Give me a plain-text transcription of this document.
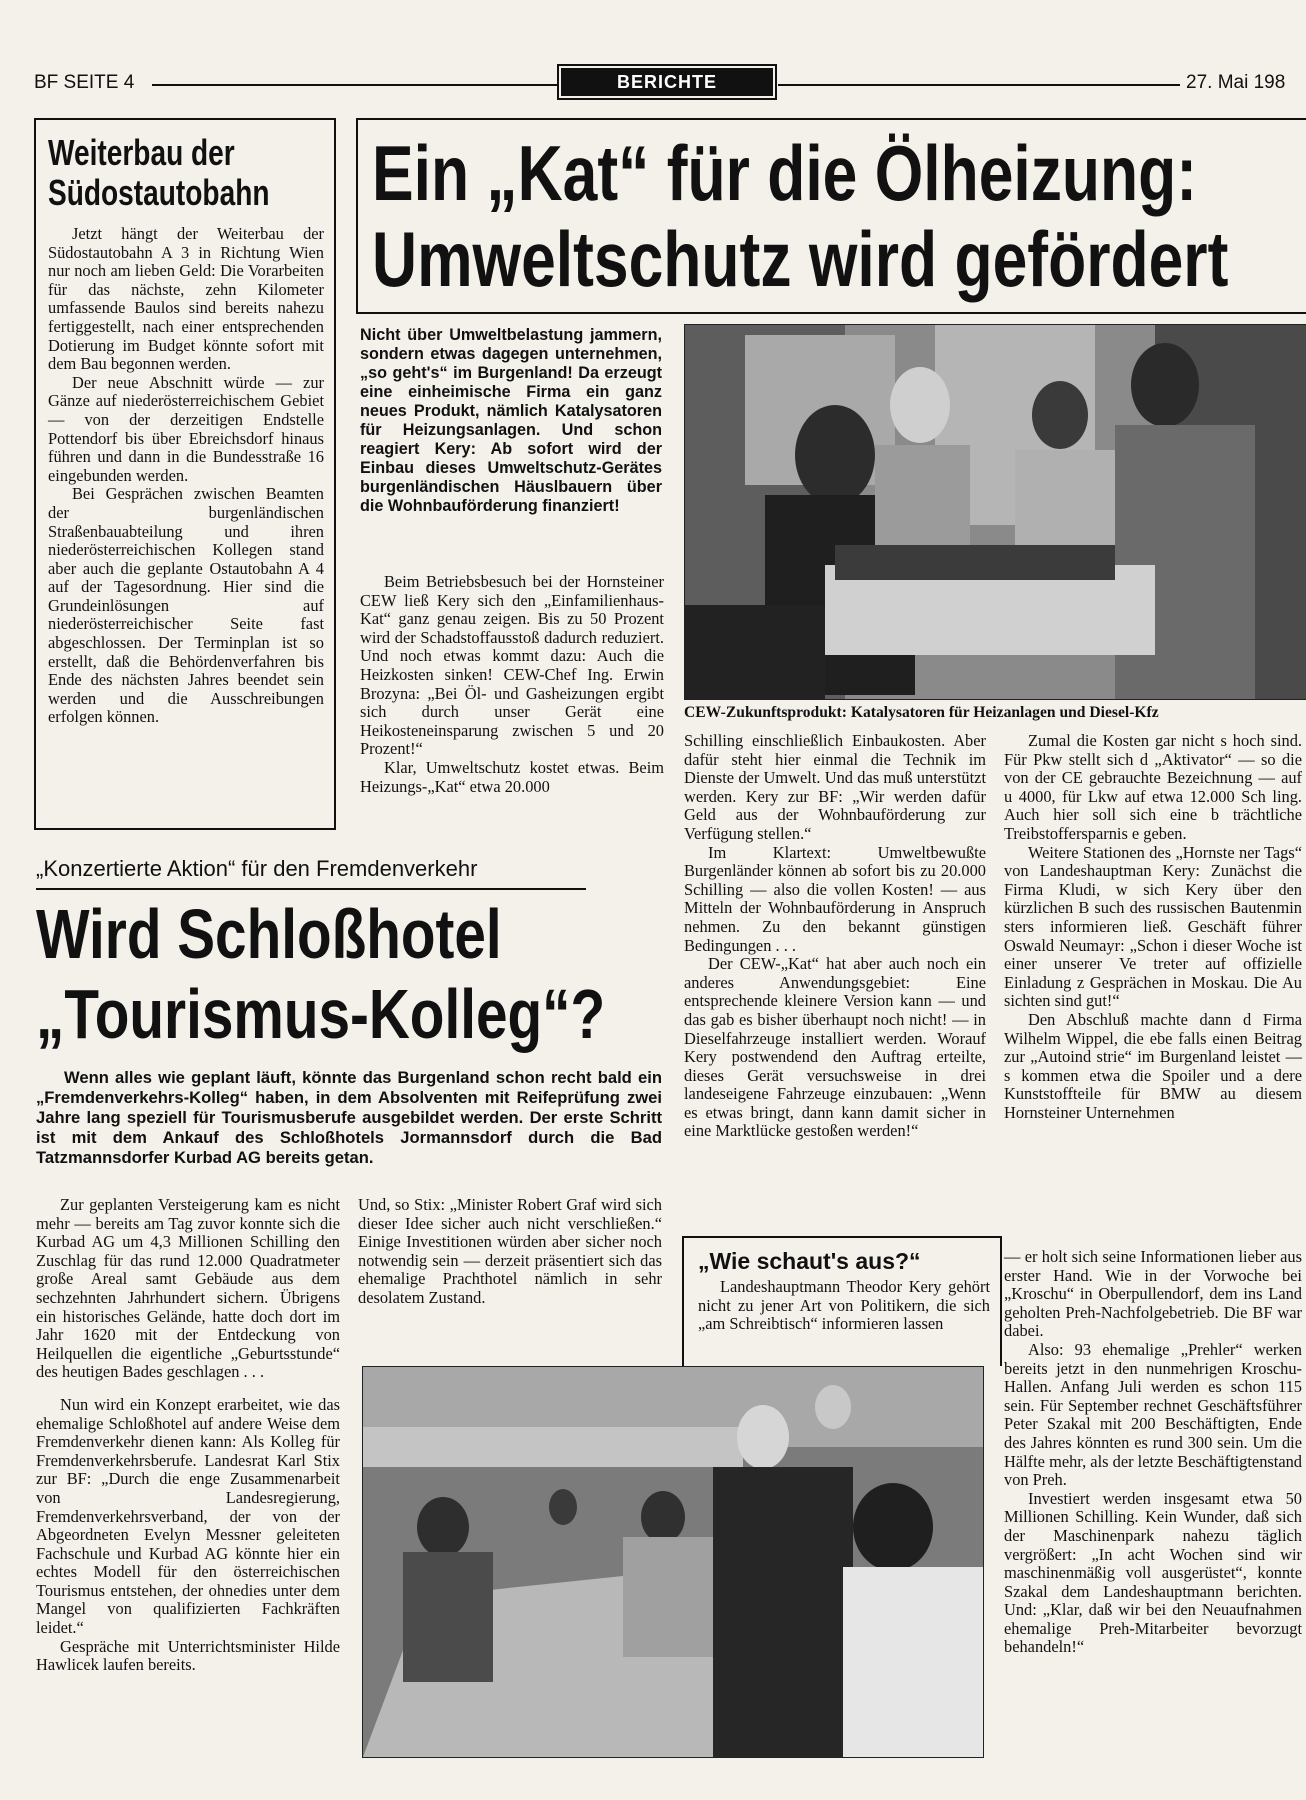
BF SEITE 4	BERICHTE	27. Mai 198
Weiterbau der
Südostautobahn

Jetzt hängt der Weiterbau der Südostautobahn A 3 in Richtung Wien nur noch am lieben Geld: Die Vorarbeiten für das nächste, zehn Kilometer umfassende Baulos sind bereits nahezu fertiggestellt, nach einer entsprechenden Dotierung im Budget könnte sofort mit dem Bau begonnen werden.

Der neue Abschnitt würde — zur Gänze auf niederösterreichischem Gebiet — von der derzeitigen Endstelle Pottendorf bis über Ebreichsdorf hinaus führen und dann in die Bundesstraße 16 eingebunden werden.

Bei Gesprächen zwischen Beamten der burgenländischen Straßenbauabteilung und ihren niederösterreichischen Kollegen stand aber auch die geplante Ostautobahn A 4 auf der Tagesordnung. Hier sind die Grundeinlösungen auf niederösterreichischer Seite fast abgeschlossen. Der Terminplan ist so erstellt, daß die Behördenverfahren bis Ende des nächsten Jahres beendet sein werden und die Ausschreibungen erfolgen können.

Ein „Kat“ für die Ölheizung:
Umweltschutz wird gefördert
Nicht über Umweltbelastung jammern, sondern etwas dagegen unternehmen, „so geht's“ im Burgenland! Da erzeugt eine einheimische Firma ein ganz neues Produkt, nämlich Katalysatoren für Heizungsanlagen. Und schon reagiert Kery: Ab sofort wird der Einbau dieses Umweltschutz-Gerätes burgenländischen Häuslbauern über die Wohnbauförderung finanziert!

Beim Betriebsbesuch bei der Hornsteiner CEW ließ Kery sich den „Einfamilienhaus-Kat“ ganz genau zeigen. Bis zu 50 Prozent wird der Schadstoffausstoß dadurch reduziert. Und noch etwas kommt dazu: Auch die Heizkosten sinken! CEW-Chef Ing. Erwin Brozyna: „Bei Öl- und Gasheizungen ergibt sich durch unser Gerät eine Heikosteneinsparung zwischen 5 und 20 Prozent!“

Klar, Umweltschutz kostet etwas. Beim Heizungs-„Kat“ etwa 20.000

CEW-Zukunftsprodukt: Katalysatoren für Heizanlagen und Diesel-Kfz

Schilling einschließlich Einbaukosten. Aber dafür steht hier einmal die Technik im Dienste der Umwelt. Und das muß unterstützt werden. Kery zur BF: „Wir werden dafür Geld aus der Wohnbauförderung zur Verfügung stellen.“

Im Klartext: Umweltbewußte Burgenländer können ab sofort bis zu 20.000 Schilling — also die vollen Kosten! — aus Mitteln der Wohnbauförderung in Anspruch nehmen. Zu den bekannt günstigen Bedingungen . . .

Der CEW-„Kat“ hat aber auch noch ein anderes Anwendungsgebiet: Eine entsprechende kleinere Version kann — und das gab es bisher überhaupt noch nicht! — in Dieselfahrzeuge installiert werden. Worauf Kery postwendend den Auftrag erteilte, dieses Gerät versuchsweise in drei landeseigene Fahrzeuge einzubauen: „Wenn es etwas bringt, dann kann damit sicher in eine Marktlücke gestoßen werden!“

Zumal die Kosten gar nicht s hoch sind. Für Pkw stellt sich d „Aktivator“ — so die von der CE gebrauchte Bezeichnung — auf u 4000, für Lkw auf etwa 12.000 Sch ling. Auch hier soll sich eine b trächtliche Treibstoffersparnis e geben.

Weitere Stationen des „Hornste ner Tags“ von Landeshauptman Kery: Zunächst die Firma Kludi, w sich Kery über den kürzlichen B such des russischen Bautenmin sters informieren ließ. Geschäft führer Oswald Neumayr: „Schon i dieser Woche ist einer unserer Ve treter auf offizielle Einladung z Gesprächen in Moskau. Die Au sichten sind gut!“

Den Abschluß machte dann d Firma Wilhelm Wippel, die ebe falls einen Beitrag zur „Autoind strie“ im Burgenland leistet — s kommen etwa die Spoiler und a dere Kunststoffteile für BMW au diesem Hornsteiner Unternehmen

„Konzertierte Aktion“ für den Fremdenverkehr
Wird Schloßhotel
„Tourismus-Kolleg“?
Wenn alles wie geplant läuft, könnte das Burgenland schon recht bald ein „Fremdenverkehrs-Kolleg“ haben, in dem Absolventen mit Reifeprüfung zwei Jahre lang speziell für Tourismusberufe ausgebildet werden. Der erste Schritt ist mit dem Ankauf des Schloßhotels Jormannsdorf durch die Bad Tatzmannsdorfer Kurbad AG bereits getan.

Zur geplanten Versteigerung kam es nicht mehr — bereits am Tag zuvor konnte sich die Kurbad AG um 4,3 Millionen Schilling den Zuschlag für das rund 12.000 Quadratmeter große Areal samt Gebäude aus dem sechzehnten Jahrhundert sichern. Übrigens ein historisches Gelände, hatte doch dort im Jahr 1620 mit der Entdeckung von Heilquellen die eigentliche „Geburtsstunde“ des heutigen Bades geschlagen . . .

Nun wird ein Konzept erarbeitet, wie das ehemalige Schloßhotel auf andere Weise dem Fremdenverkehr dienen kann: Als Kolleg für Fremdenverkehrsberufe. Landesrat Karl Stix zur BF: „Durch die enge Zusammenarbeit von Landesregierung, Fremdenverkehrsverband, der von der Abgeordneten Evelyn Messner geleiteten Fachschule und Kurbad AG könnte hier ein echtes Modell für den österreichischen Tourismus entstehen, der ohnedies unter dem Mangel von qualifizierten Fachkräften leidet.“

Gespräche mit Unterrichtsminister Hilde Hawlicek laufen bereits.

Und, so Stix: „Minister Robert Graf wird sich dieser Idee sicher auch nicht verschließen.“ Einige Investitionen würden aber sicher noch notwendig sein — derzeit präsentiert sich das ehemalige Prachthotel nämlich in sehr desolatem Zustand.

„Wie schaut's aus?“
Landeshauptmann Theodor Kery gehört nicht zu jener Art von Politikern, die sich „am Schreibtisch“ informieren lassen

— er holt sich seine Informationen lieber aus erster Hand. Wie in der Vorwoche bei „Kroschu“ in Oberpullendorf, dem ins Land geholten Preh-Nachfolgebetrieb. Die BF war dabei.

Also: 93 ehemalige „Prehler“ werken bereits jetzt in den nunmehrigen Kroschu-Hallen. Anfang Juli werden es schon 115 sein. Für September rechnet Geschäftsführer Peter Szakal mit 200 Beschäftigten, Ende des Jahres könnten es rund 300 sein. Um die Hälfte mehr, als der letzte Beschäftigtenstand von Preh.

Investiert werden insgesamt etwa 50 Millionen Schilling. Kein Wunder, daß sich der Maschinenpark nahezu täglich vergrößert: „In acht Wochen sind wir maschinenmäßig voll ausgerüstet“, konnte Szakal dem Landeshauptmann berichten. Und: „Klar, daß wir bei den Neuaufnahmen ehemalige Preh-Mitarbeiter bevorzugt behandeln!“
